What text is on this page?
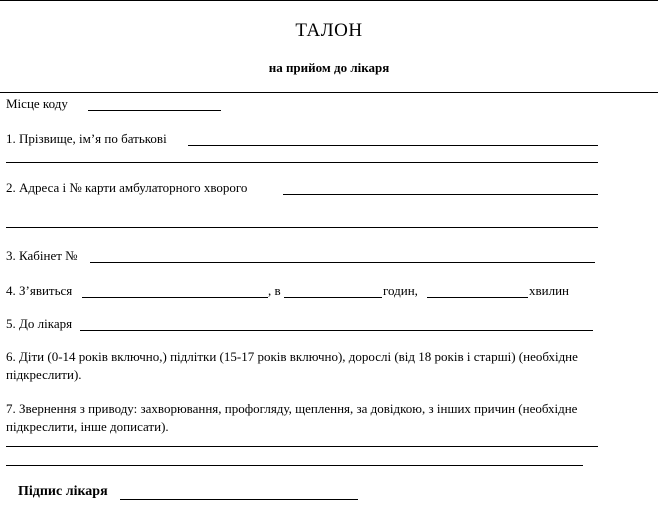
ТАЛОН
на прийом до лікаря
Місце коду
1. Прізвище, ім’я по батькові
2. Адреса і № карти амбулаторного хворого
3. Кабінет №
4. З’явиться	, в	годин,	хвилин
5. До лікаря
6. Діти (0-14 років включно,) підлітки (15-17 років включно), дорослі (від 18 років і старші) (необхідне підкреслити).
7. Звернення з приводу: захворювання, профогляду, щеплення, за довідкою, з інших причин (необхідне підкреслити, інше дописати).
Підпис лікаря
